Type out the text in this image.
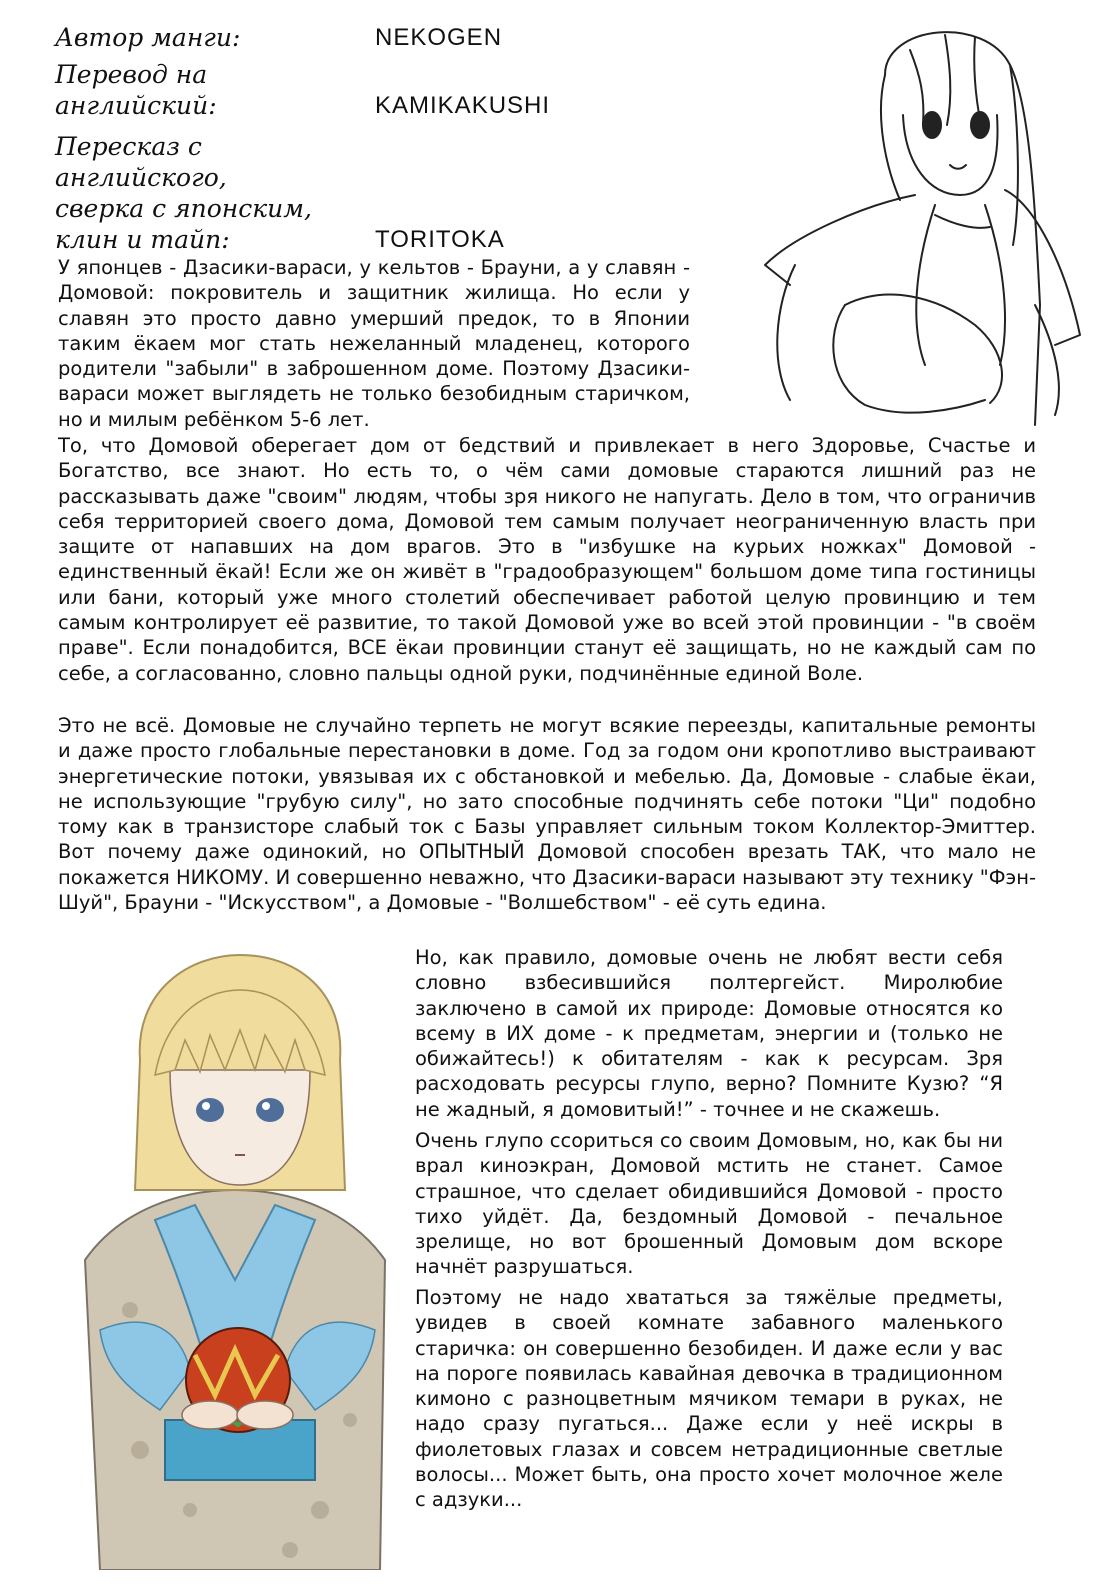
Автор манги:	NEKOGEN
Перевод на английский:	KAMIKAKUSHI
Пересказ с английского,
сверка с японским,
клин и тайп:	TORITOKA

У японцев - Дзасики-вараси, у кельтов - Брауни, а у славян - Домовой: покровитель и защитник жилища. Но если у славян это просто давно умерший предок, то в Японии таким ёкаем мог стать нежеланный младенец, которого родители "забыли" в заброшенном доме. Поэтому Дзасики-вараси может выглядеть не только безобидным старичком, но и милым ребёнком 5-6 лет.

То, что Домовой оберегает дом от бедствий и привлекает в него Здоровье, Счастье и Богатство, все знают. Но есть то, о чём сами домовые стараются лишний раз не рассказывать даже "своим" людям, чтобы зря никого не напугать. Дело в том, что ограничив себя территорией своего дома, Домовой тем самым получает неограниченную власть при защите от напавших на дом врагов. Это в "избушке на курьих ножках" Домовой - единственный ёкай! Если же он живёт в "градообразующем" большом доме типа гостиницы или бани, который уже много столетий обеспечивает работой целую провинцию и тем самым контролирует её развитие, то такой Домовой уже во всей этой провинции - "в своём праве". Если понадобится, ВСЕ ёкаи провинции станут её защищать, но не каждый сам по себе, а согласованно, словно пальцы одной руки, подчинённые единой Воле.

Это не всё. Домовые не случайно терпеть не могут всякие переезды, капитальные ремонты и даже просто глобальные перестановки в доме. Год за годом они кропотливо выстраивают энергетические потоки, увязывая их с обстановкой и мебелью. Да, Домовые - слабые ёкаи, не использующие "грубую силу", но зато способные подчинять себе потоки "Ци" подобно тому как в транзисторе слабый ток с Базы управляет сильным током Коллектор-Эмиттер. Вот почему даже одинокий, но ОПЫТНЫЙ Домовой способен врезать ТАК, что мало не покажется НИКОМУ. И совершенно неважно, что Дзасики-вараси называют эту технику "Фэн-Шуй", Брауни - "Искусством", а Домовые - "Волшебством" - её суть едина.

Но, как правило, домовые очень не любят вести себя словно взбесившийся полтергейст. Миролюбие заключено в самой их природе: Домовые относятся ко всему в ИХ доме - к предметам, энергии и (только не обижайтесь!) к обитателям - как к ресурсам. Зря расходовать ресурсы глупо, верно? Помните Кузю? “Я не жадный, я домовитый!” - точнее и не скажешь.

Очень глупо ссориться со своим Домовым, но, как бы ни врал киноэкран, Домовой мстить не станет. Самое страшное, что сделает обидившийся Домовой - просто тихо уйдёт. Да, бездомный Домовой - печальное зрелище, но вот брошенный Домовым дом вскоре начнёт разрушаться.

Поэтому не надо хвататься за тяжёлые предметы, увидев в своей комнате забавного маленького старичка: он совершенно безобиден. И даже если у вас на пороге появилась кавайная девочка в традиционном кимоно с разноцветным мячиком темари в руках, не надо сразу пугаться... Даже если у неё искры в фиолетовых глазах и совсем нетрадиционные светлые волосы... Может быть, она просто хочет молочное желе с адзуки...
